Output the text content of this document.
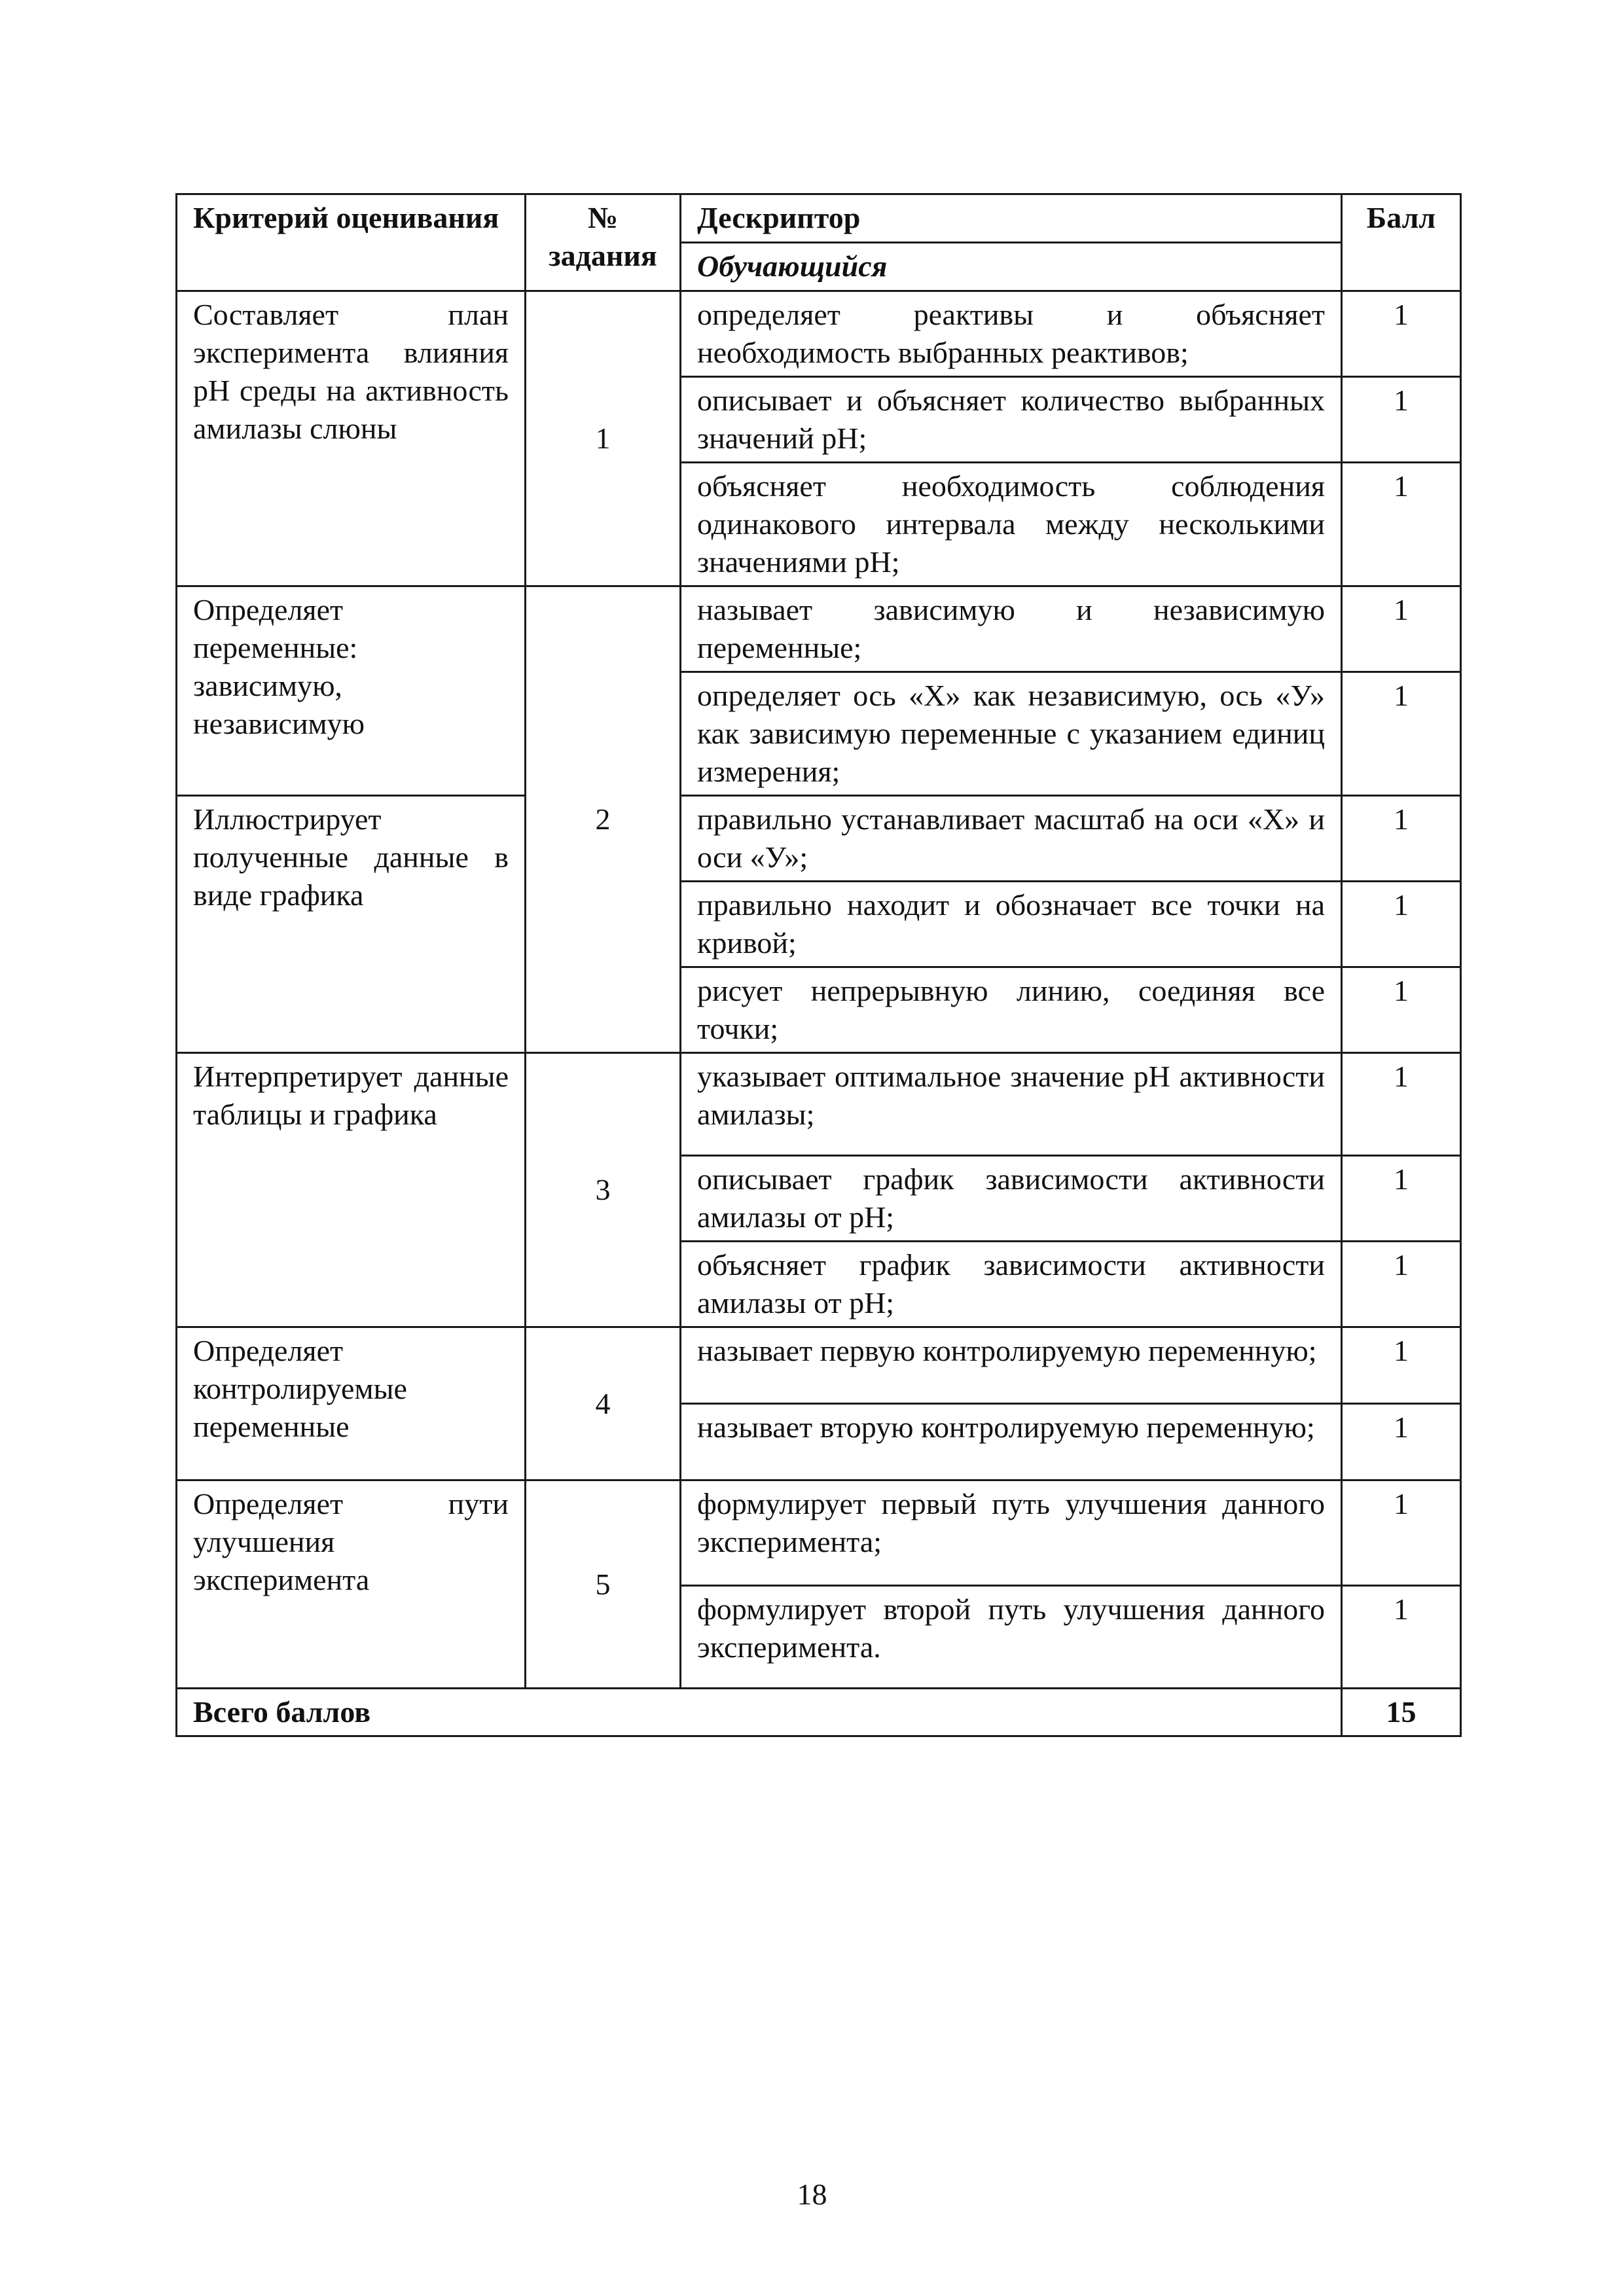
Критерий оценивания	№ задания	Дескриптор	Балл
		Обучающийся	
Составляет план эксперимента влияния pH среды на активность амилазы слюны	1	определяет реактивы и объясняет необходимость выбранных реактивов;	1
		описывает и объясняет количество выбранных значений pH;	1
		объясняет необходимость соблюдения одинакового интервала между несколькими значениями pH;	1
Определяет переменные: зависимую, независимую	2	называет зависимую и независимую переменные;	1
		определяет ось «Х» как независимую, ось «У» как зависимую переменные с указанием единиц измерения;	1
Иллюстрирует полученные данные в виде графика		правильно устанавливает масштаб на оси «Х» и оси «У»;	1
		правильно находит и обозначает все точки на кривой;	1
		рисует непрерывную линию, соединяя все точки;	1
Интерпретирует данные таблицы и графика	3	указывает оптимальное значение pH активности амилазы;	1
		описывает график зависимости активности амилазы от pH;	1
		объясняет график зависимости активности амилазы от pH;	1
Определяет контролируемые переменные	4	называет первую контролируемую переменную;	1
		называет вторую контролируемую переменную;	1
Определяет пути улучшения эксперимента	5	формулирует первый путь улучшения данного эксперимента;	1
		формулирует второй путь улучшения данного эксперимента.	1
Всего баллов			15
18
